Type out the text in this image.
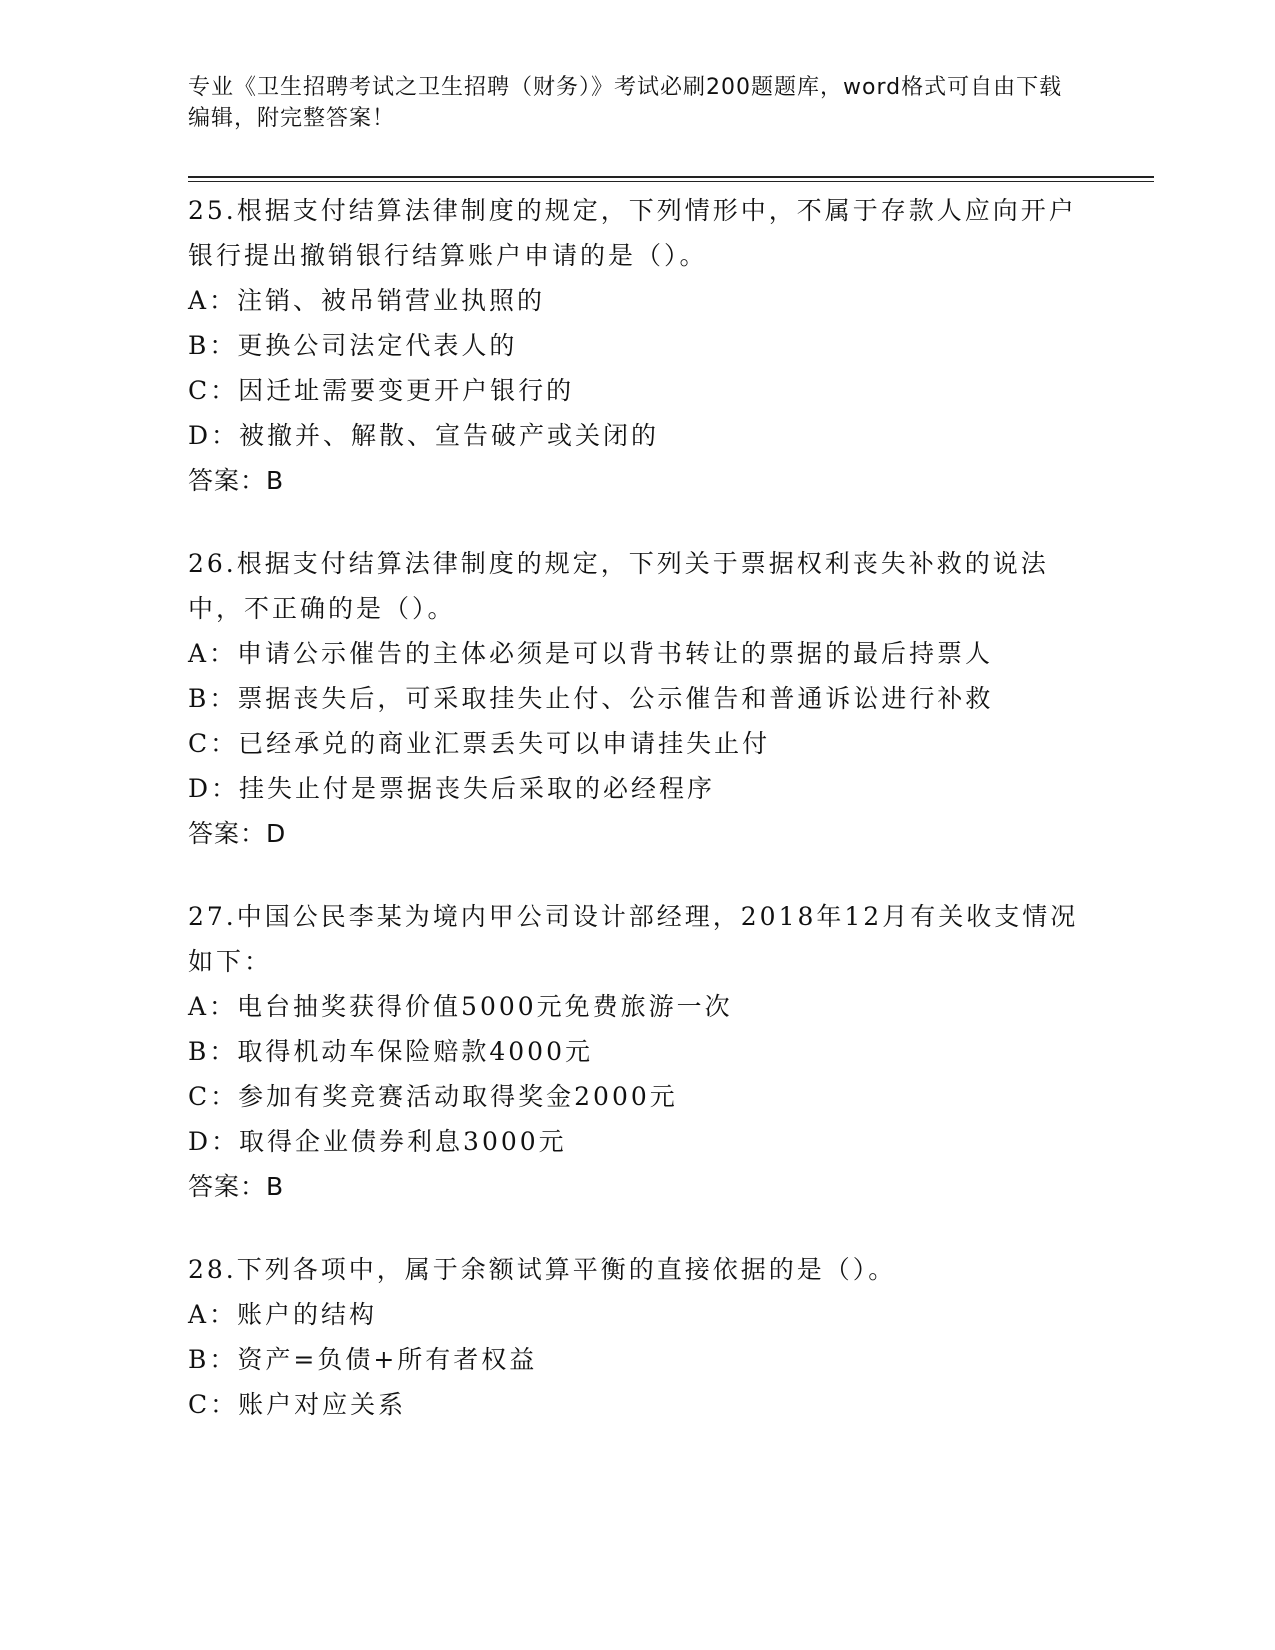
专业《卫生招聘考试之卫生招聘（财务）》考试必刷200题题库，word格式可自由下载编辑，附完整答案！
25.根据支付结算法律制度的规定，下列情形中，不属于存款人应向开户银行提出撤销银行结算账户申请的是（）。
A：注销、被吊销营业执照的
B：更换公司法定代表人的
C：因迁址需要变更开户银行的
D：被撤并、解散、宣告破产或关闭的
答案：B
26.根据支付结算法律制度的规定，下列关于票据权利丧失补救的说法中，不正确的是（）。
A：申请公示催告的主体必须是可以背书转让的票据的最后持票人
B：票据丧失后，可采取挂失止付、公示催告和普通诉讼进行补救
C：已经承兑的商业汇票丢失可以申请挂失止付
D：挂失止付是票据丧失后采取的必经程序
答案：D
27.中国公民李某为境内甲公司设计部经理，2018年12月有关收支情况如下：
A：电台抽奖获得价值5000元免费旅游一次
B：取得机动车保险赔款4000元
C：参加有奖竞赛活动取得奖金2000元
D：取得企业债券利息3000元
答案：B
28.下列各项中，属于余额试算平衡的直接依据的是（）。
A：账户的结构
B：资产=负债+所有者权益
C：账户对应关系
